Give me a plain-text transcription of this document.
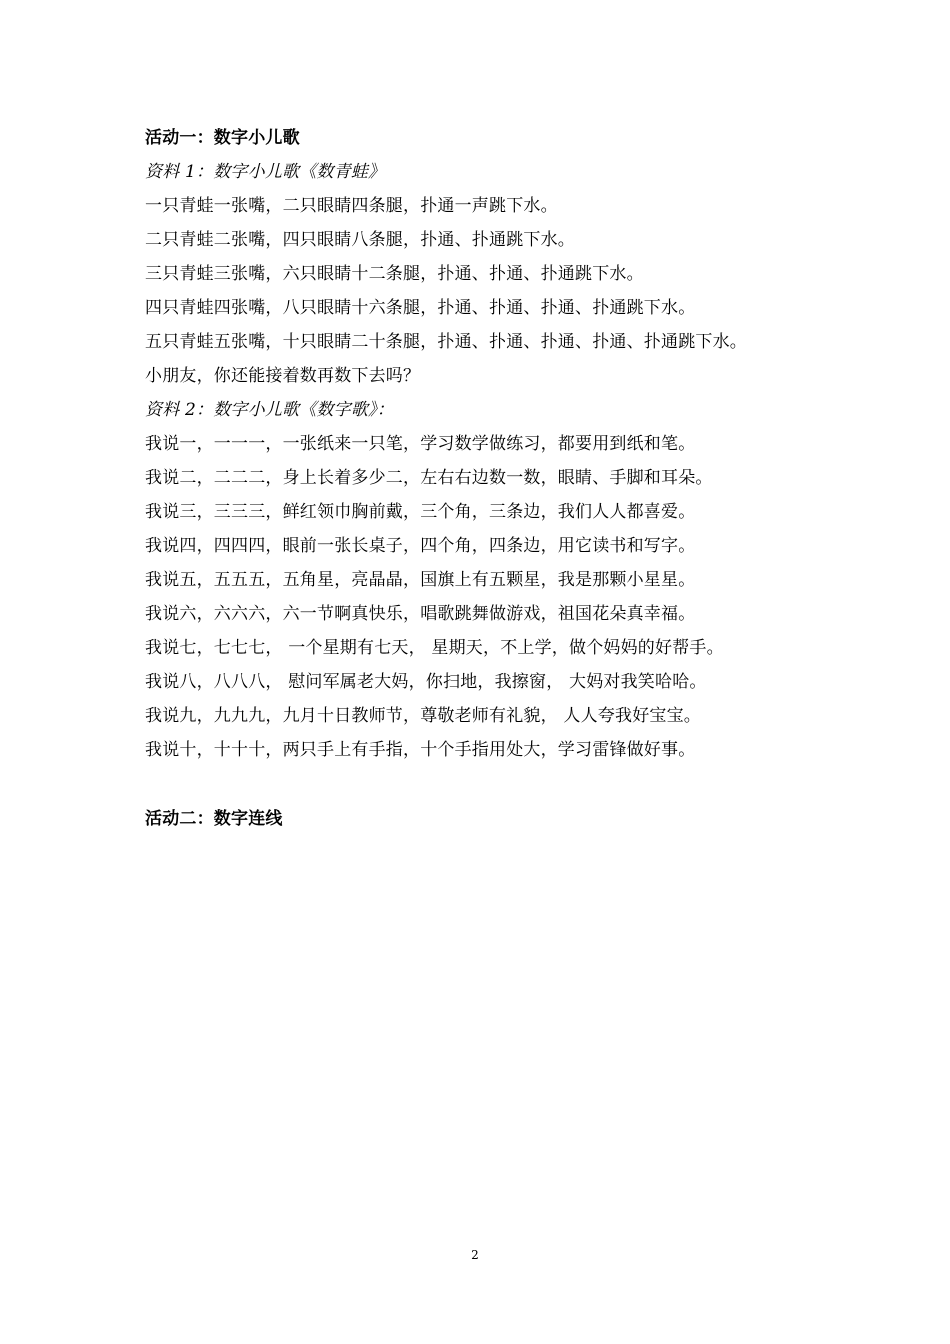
活动一：数字小儿歌
资料 1：数字小儿歌《数青蛙》
一只青蛙一张嘴，二只眼睛四条腿，扑通一声跳下水。
二只青蛙二张嘴，四只眼睛八条腿，扑通、扑通跳下水。
三只青蛙三张嘴，六只眼睛十二条腿，扑通、扑通、扑通跳下水。
四只青蛙四张嘴，八只眼睛十六条腿，扑通、扑通、扑通、扑通跳下水。
五只青蛙五张嘴，十只眼睛二十条腿，扑通、扑通、扑通、扑通、扑通跳下水。
小朋友，你还能接着数再数下去吗？
资料 2：数字小儿歌《数字歌》：
我说一，一一一，一张纸来一只笔，学习数学做练习，都要用到纸和笔。
我说二，二二二，身上长着多少二，左右右边数一数，眼睛、手脚和耳朵。
我说三，三三三，鲜红领巾胸前戴，三个角，三条边，我们人人都喜爱。
我说四，四四四，眼前一张长桌子，四个角，四条边，用它读书和写字。
我说五，五五五，五角星，亮晶晶，国旗上有五颗星，我是那颗小星星。
我说六，六六六，六一节啊真快乐，唱歌跳舞做游戏，祖国花朵真幸福。
我说七，七七七， 一个星期有七天， 星期天，不上学，做个妈妈的好帮手。
我说八，八八八， 慰问军属老大妈，你扫地，我擦窗， 大妈对我笑哈哈。
我说九，九九九，九月十日教师节，尊敬老师有礼貌， 人人夸我好宝宝。
我说十，十十十，两只手上有手指，十个手指用处大，学习雷锋做好事。
活动二：数字连线
2
